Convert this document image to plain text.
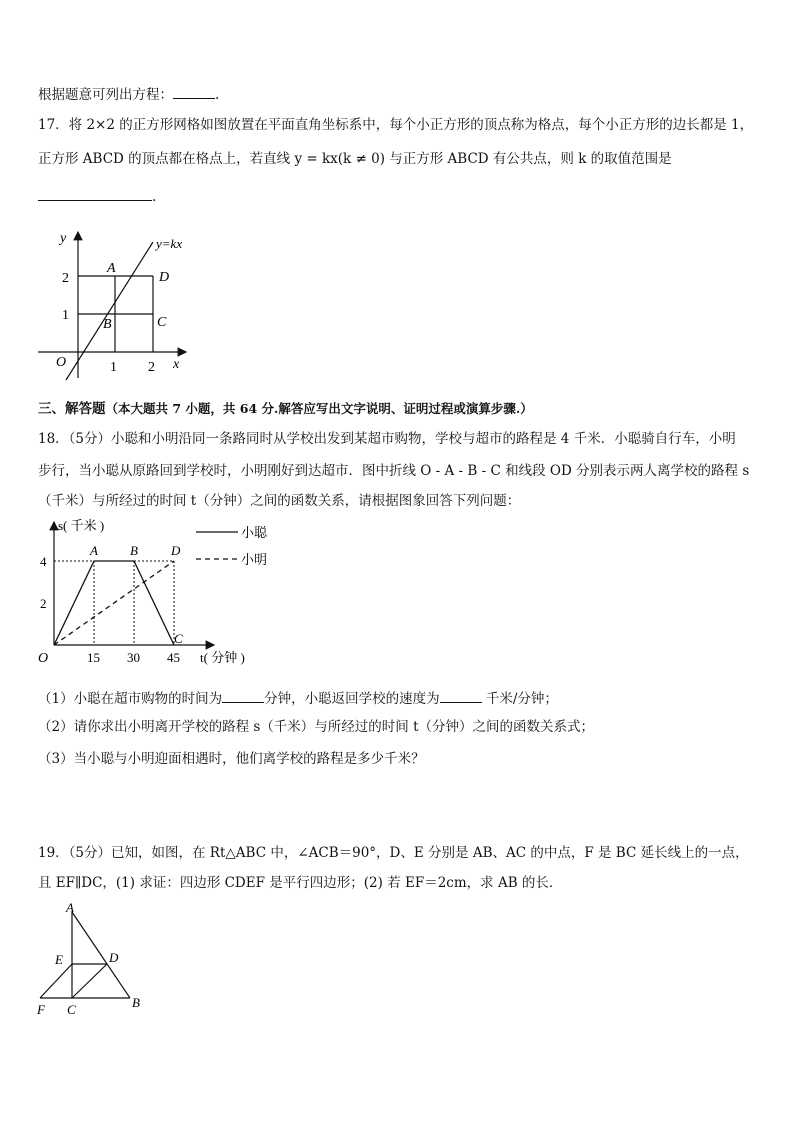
根据题意可列出方程：	.
17．将 2×2 的正方形网格如图放置在平面直角坐标系中，每个小正方形的顶点称为格点，每个小正方形的边长都是 1，
正方形 ABCD 的顶点都在格点上，若直线 y = kx(k ≠ 0) 与正方形 ABCD 有公共点，则 k 的取值范围是
.
y
x
O
y=kx
2
1
1 2
A
B	C
D
三、解答题（本大题共 7 小题，共 64 分.解答应写出文字说明、证明过程或演算步骤.）
18．（5分）小聪和小明沿同一条路同时从学校出发到某超市购物，学校与超市的路程是 4 千米．小聪骑自行车，小明
步行，当小聪从原路回到学校时，小明刚好到达超市．图中折线 O - A - B - C 和线段 OD 分别表示两人离学校的路程 s
（千米）与所经过的时间 t（分钟）之间的函数关系，请根据图象回答下列问题：
s( 千米 )
t( 分钟 )
O
A B
C
D
15 30 45
4
2
小聪
小明
（1）小聪在超市购物的时间为	分钟，小聪返回学校的速度为	千米/分钟；
（2）请你求出小明离开学校的路程 s（千米）与所经过的时间 t（分钟）之间的函数关系式；
（3）当小聪与小明迎面相遇时，他们离学校的路程是多少千米？
19．（5分）已知，如图，在 Rt△ABC 中，∠ACB＝90°，D、E 分别是 AB、AC 的中点，F 是 BC 延长线上的一点，
且 EF∥DC，(1) 求证：四边形 CDEF 是平行四边形；(2) 若 EF＝2cm，求 AB 的长．
A
E	D
F C	B
